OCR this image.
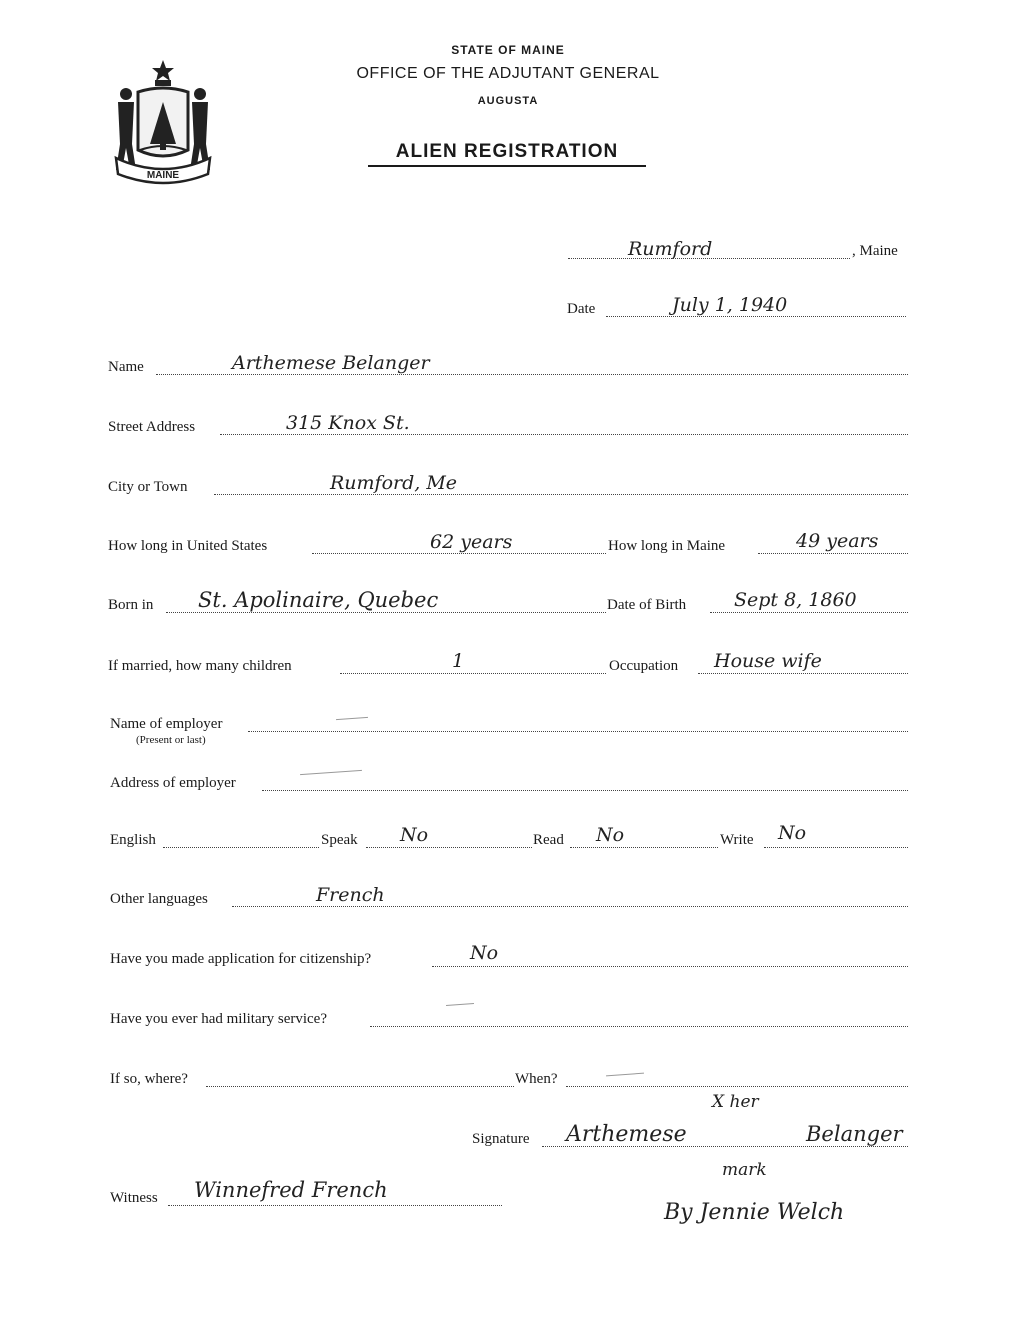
MAINE
STATE OF MAINE
OFFICE OF THE ADJUTANT GENERAL
AUGUSTA
ALIEN REGISTRATION
Rumford	, Maine
Date	July 1, 1940
Name	Arthemese Belanger
Street Address	315 Knox St.
City or Town	Rumford, Me
How long in United States	62 years	How long in Maine	49 years
Born in St. Apolinaire, Quebec	Date of Birth	Sept 8, 1860
If married, how many children	1	Occupation House wife
Name of employer
(Present or last)
Address of employer
English	Speak No	Read No	Write No
Other languages	French
Have you made application for citizenship?	No
Have you ever had military service?
If so, where?	When?
Signature Arthemese
X her
Belanger
mark
By Jennie Welch
Witness Winnefred French
